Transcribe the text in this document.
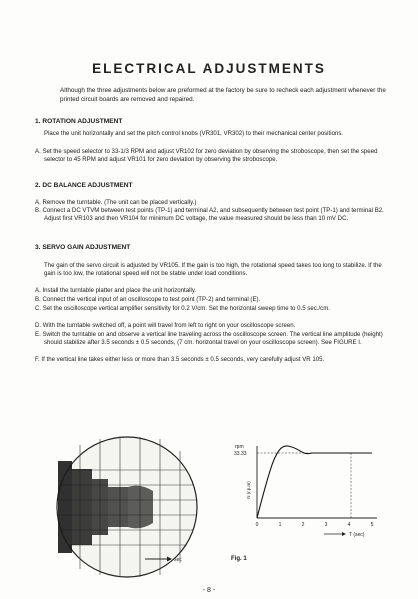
ELECTRICAL ADJUSTMENTS
Although the three adjustments below are preformed at the factory be sure to recheck each adjustment whenever the printed circuit boards are removed and repaired.
1. ROTATION ADJUSTMENT
Place the unit horizontally and set the pitch control knobs (VR301, VR302) to their mechanical center positions.
A. Set the speed selector to 33-1/3 RPM and adjust VR102 for zero deviation by observing the stroboscope, then set the speed selector to 45 RPM and adjust VR101 for zero deviation by observing the stroboscope.
2. DC BALANCE ADJUSTMENT
A. Remove the turntable. (The unit can be placed vertically.)
B. Connect a DC VTVM between test points (TP-1) and terminal A2, and subsequently between test point (TP-1) and terminal B2. Adjust first VR103 and then VR104 for minimum DC voltage, the value measured should be less than 10 mV DC.
3. SERVO GAIN ADJUSTMENT
The gain of the servo circuit is adjusted by VR105. If the gain is too high, the rotational speed takes too long to stabilize. If the gain is too low, the rotational speed will not be stable under load conditions.
A. Install the turntable platter and place the unit horizontally.
B. Connect the vertical input of an oscilloscope to test point (TP-2) and terminal (E).
C. Set the oscilloscope vertical amplifier sensitivity for 0.2 V/cm. Set the horizontal sweep time to 0.5 sec./cm.
D. With the turntable switched off, a point will travel from left to right on your oscilloscope screen.
E. Switch the turntable on and observe a vertical line traveling across the oscilloscope screen. The vertical line amplitude (height) should stabilize after 3.5 seconds ± 0.5 seconds, (7 cm. horizontal travel on your oscilloscope screen). See FIGURE I.
F. If the vertical line takes either less or more than 3.5 seconds ± 0.5 seconds, very carefully adjust VR 105.
sec
rpm
33.33
N (r.p.m)
0	1	2	3	4	5
T (sec)
Fig. 1
- 8 -
